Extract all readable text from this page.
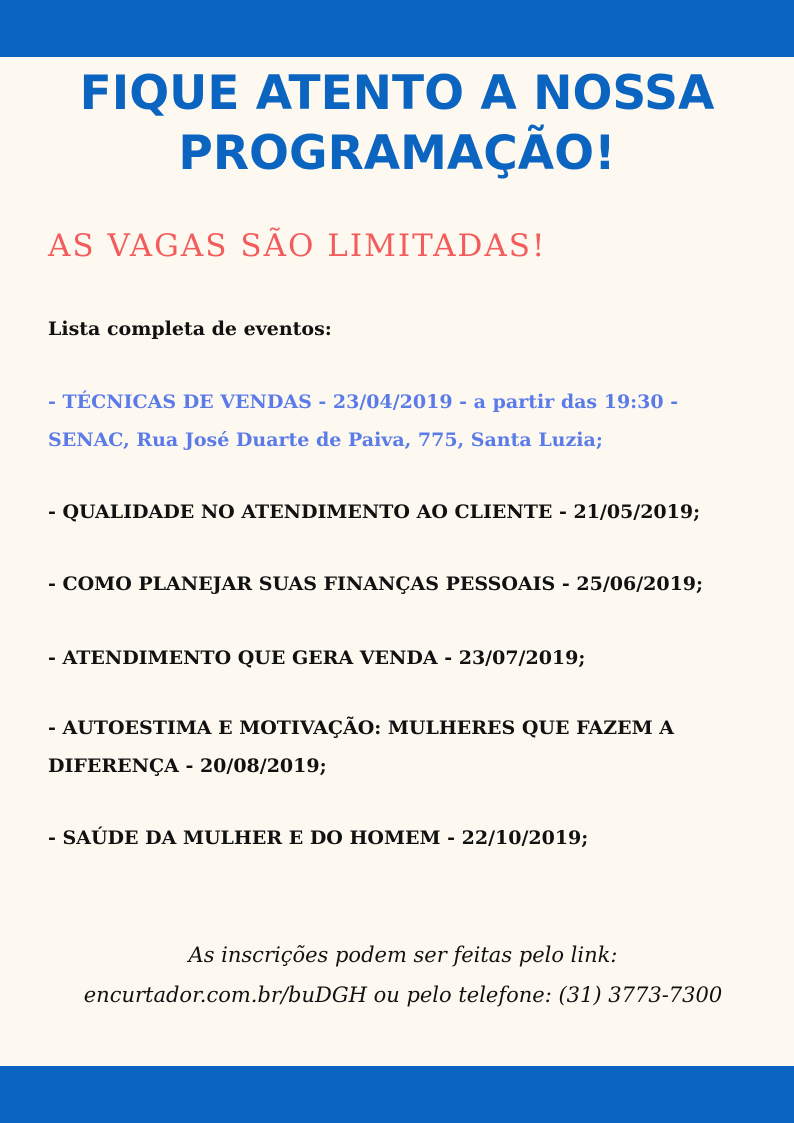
FIQUE ATENTO A NOSSA
PROGRAMAÇÃO!

AS VAGAS SÃO LIMITADAS!

Lista completa de eventos:

- TÉCNICAS DE VENDAS - 23/04/2019 - a partir das 19:30 - SENAC, Rua José Duarte de Paiva, 775, Santa Luzia;

- QUALIDADE NO ATENDIMENTO AO CLIENTE - 21/05/2019;

- COMO PLANEJAR SUAS FINANÇAS PESSOAIS - 25/06/2019;

- ATENDIMENTO QUE GERA VENDA - 23/07/2019;

- AUTOESTIMA E MOTIVAÇÃO: MULHERES QUE FAZEM A DIFERENÇA - 20/08/2019;

- SAÚDE DA MULHER E DO HOMEM - 22/10/2019;

As inscrições podem ser feitas pelo link:
encurtador.com.br/buDGH ou pelo telefone: (31) 3773-7300
